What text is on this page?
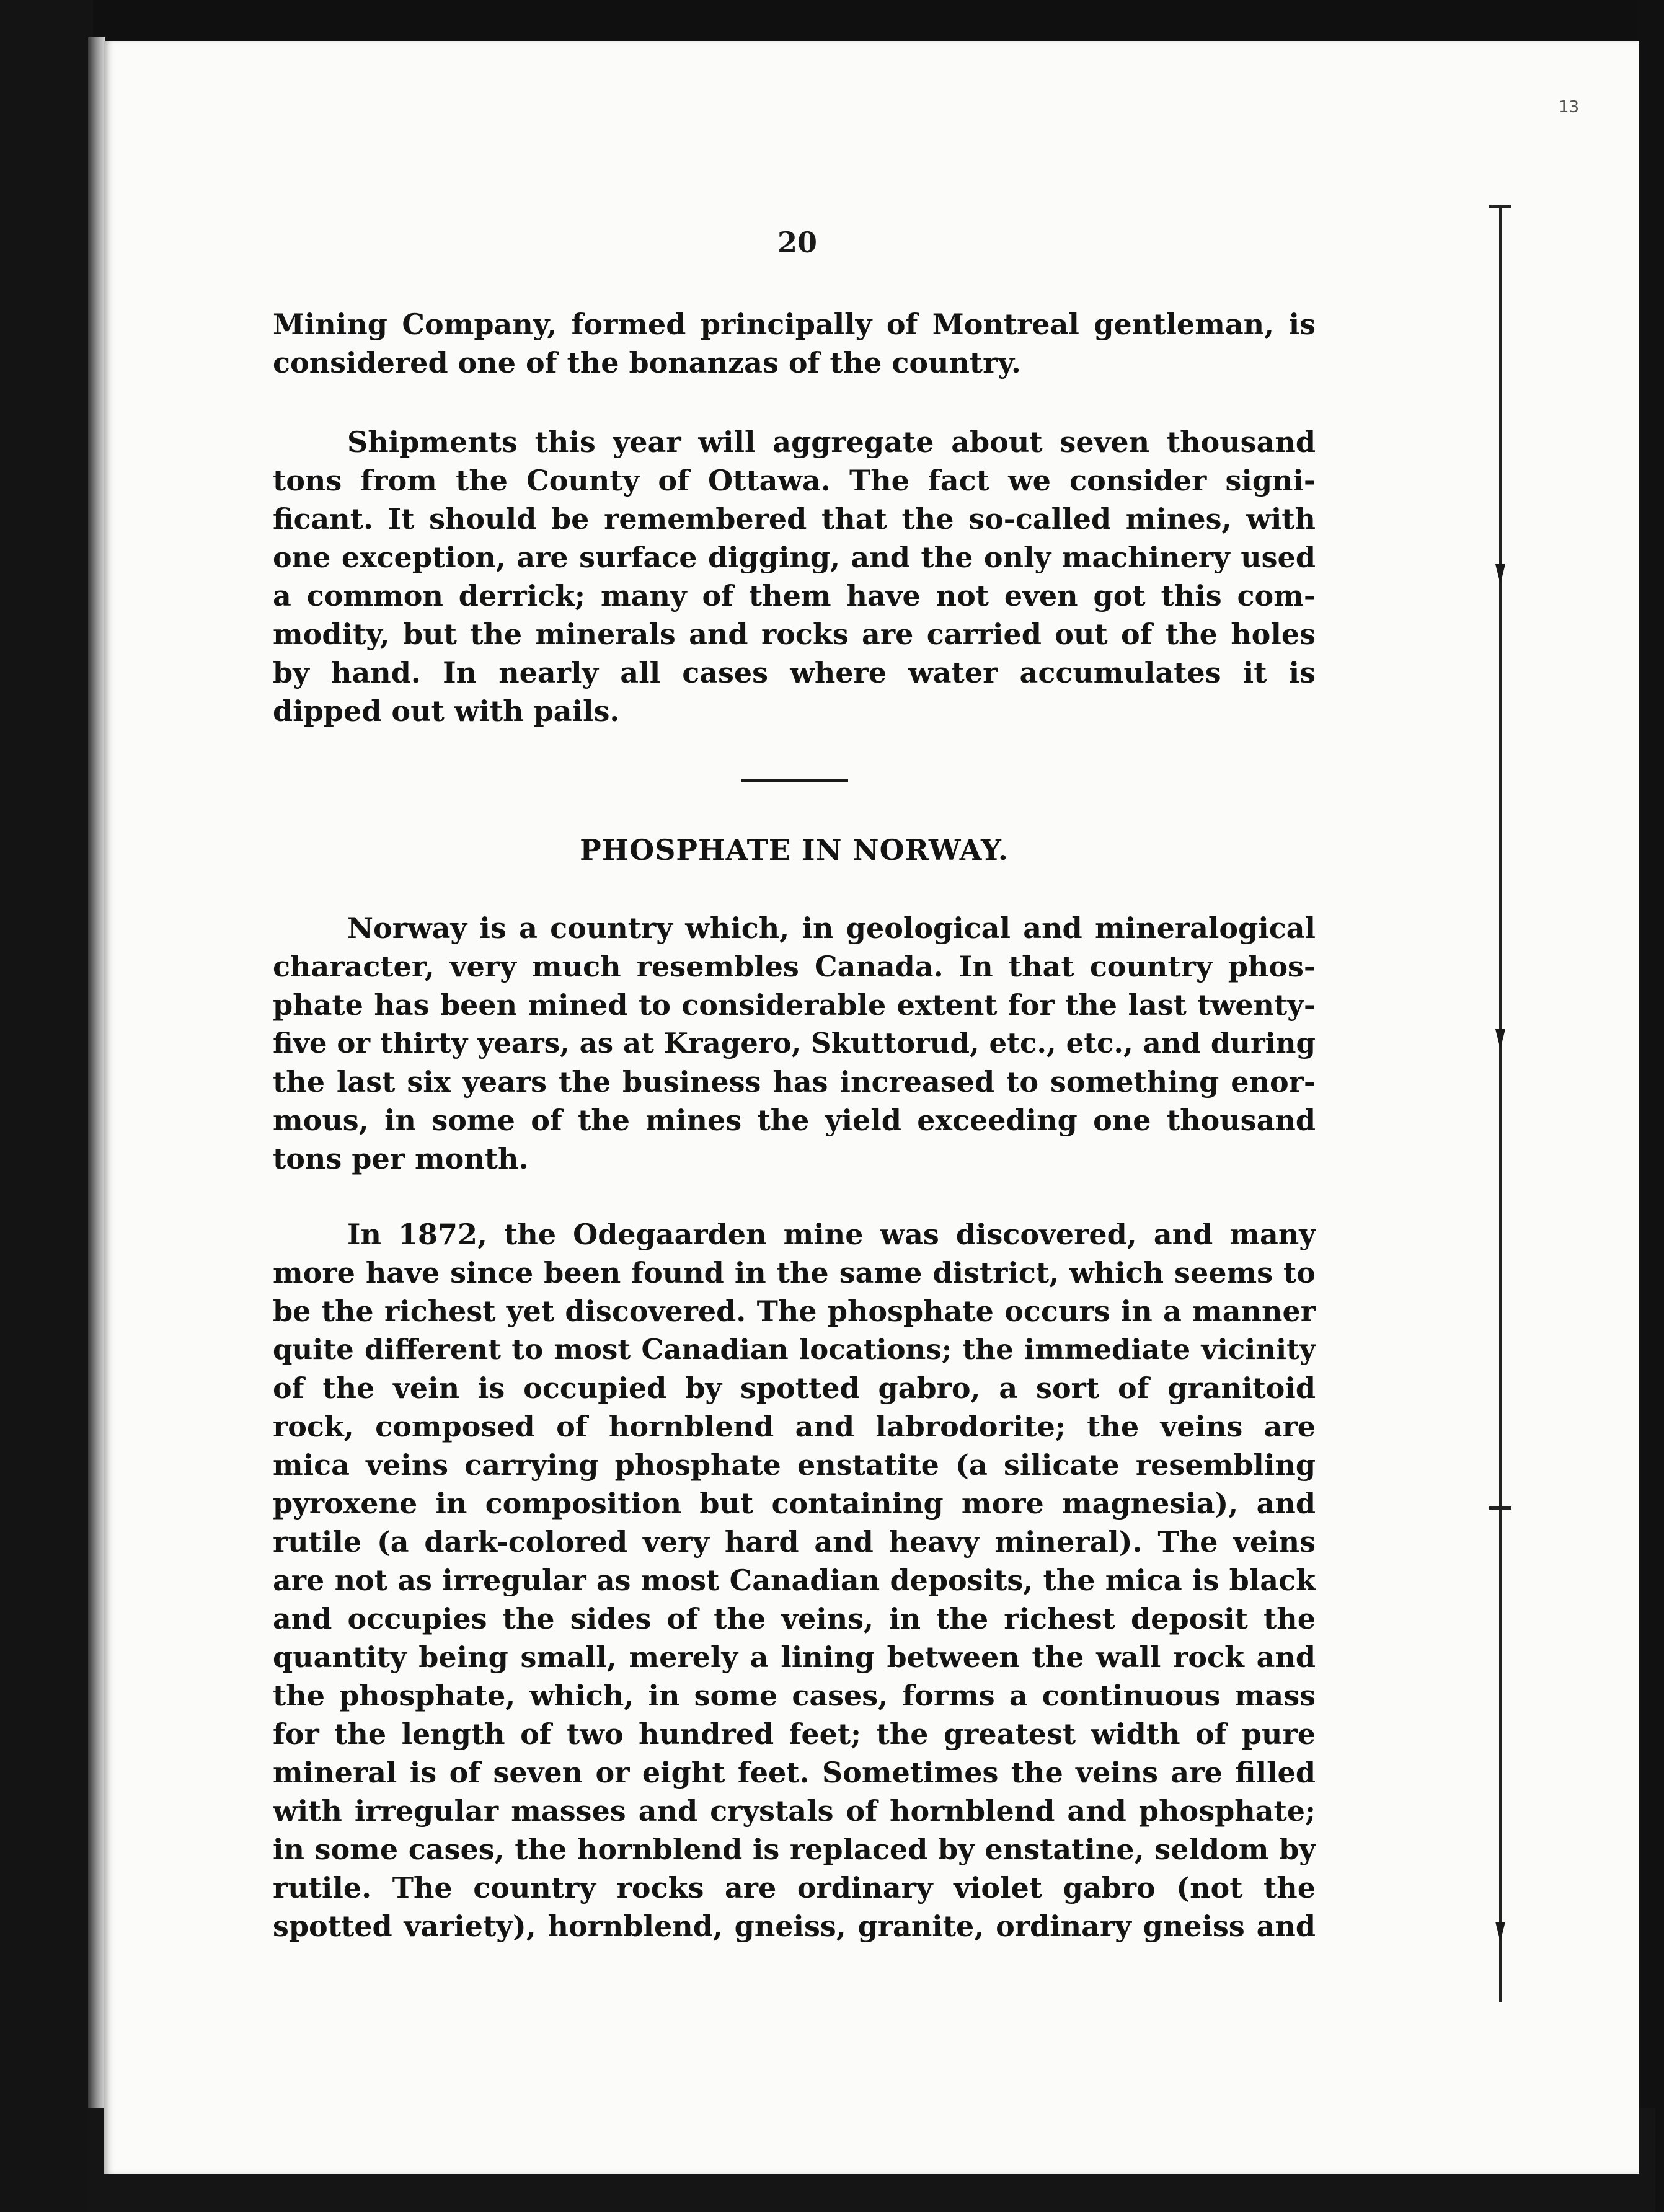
13
20
Mining Company, formed principally of Montreal gentleman, is
considered one of the bonanzas of the country.
Shipments this year will aggregate about seven thousand
tons from the County of Ottawa. The fact we consider signi-
ficant. It should be remembered that the so-called mines, with
one exception, are surface digging, and the only machinery used
a common derrick; many of them have not even got this com-
modity, but the minerals and rocks are carried out of the holes
by hand. In nearly all cases where water accumulates it is
dipped out with pails.
PHOSPHATE IN NORWAY.
Norway is a country which, in geological and mineralogical
character, very much resembles Canada. In that country phos-
phate has been mined to considerable extent for the last twenty-
five or thirty years, as at Kragero, Skuttorud, etc., etc., and during
the last six years the business has increased to something enor-
mous, in some of the mines the yield exceeding one thousand
tons per month.
In 1872, the Odegaarden mine was discovered, and many
more have since been found in the same district, which seems to
be the richest yet discovered. The phosphate occurs in a manner
quite different to most Canadian locations; the immediate vicinity
of the vein is occupied by spotted gabro, a sort of granitoid
rock, composed of hornblend and labrodorite; the veins are
mica veins carrying phosphate enstatite (a silicate resembling
pyroxene in composition but containing more magnesia), and
rutile (a dark-colored very hard and heavy mineral). The veins
are not as irregular as most Canadian deposits, the mica is black
and occupies the sides of the veins, in the richest deposit the
quantity being small, merely a lining between the wall rock and
the phosphate, which, in some cases, forms a continuous mass
for the length of two hundred feet; the greatest width of pure
mineral is of seven or eight feet. Sometimes the veins are filled
with irregular masses and crystals of hornblend and phosphate;
in some cases, the hornblend is replaced by enstatine, seldom by
rutile. The country rocks are ordinary violet gabro (not the
spotted variety), hornblend, gneiss, granite, ordinary gneiss and
